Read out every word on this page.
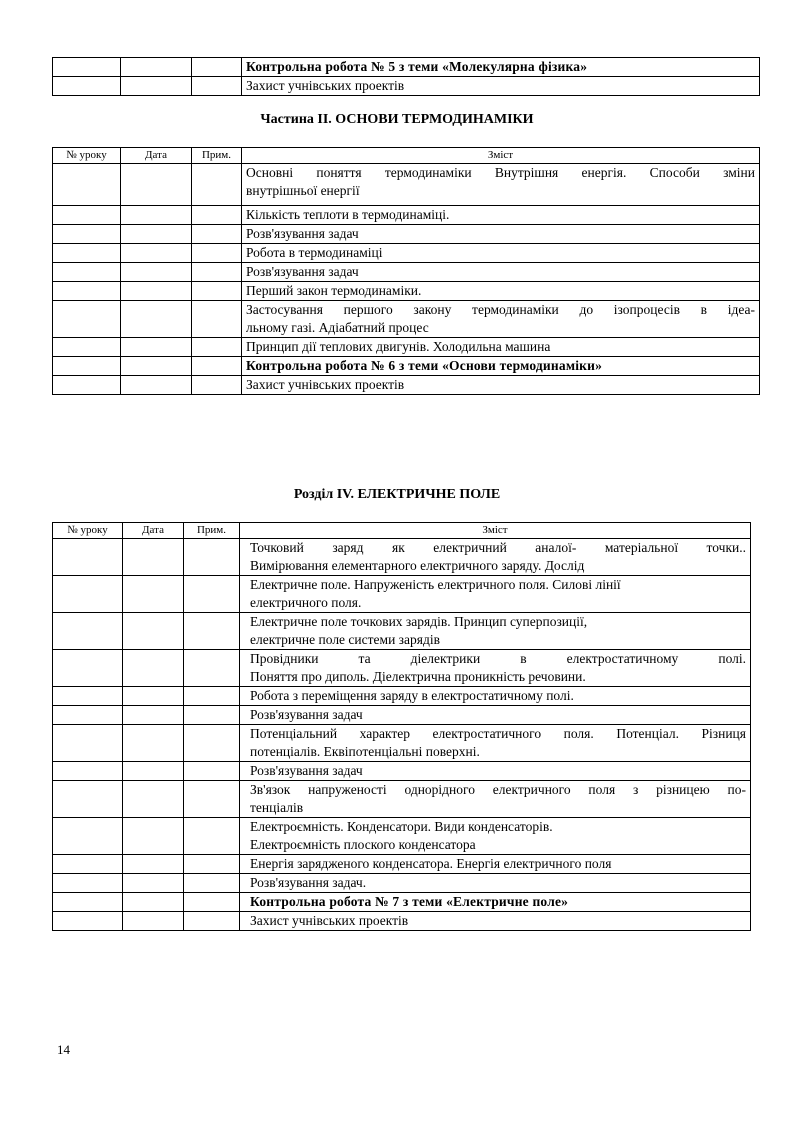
			Контрольна робота № 5 з теми «Молекулярна фізика»
			Захист учнівських проектів
Частина ІІ. ОСНОВИ ТЕРМОДИНАМІКИ
№ уроку	Дата	Прим.	Зміст

			Основні поняття термодинаміки Внутрішня енергія. Способи зміни
внутрішньої енергії

			Кількість теплоти в термодинаміці.

			Розв'язування задач

			Робота в термодинаміці

			Розв'язування задач

			Перший закон термодинаміки.

			Застосування першого закону термодинаміки до ізопроцесів в ідеа-
льному газі. Адіабатний процес

			Принцип дії теплових двигунів. Холодильна машина

			Контрольна робота № 6 з теми «Основи термодинаміки»

			Захист учнівських проектів
Розділ IV. ЕЛЕКТРИЧНЕ ПОЛЕ
№ уроку	Дата	Прим.	Зміст

			Точковий заряд як електричний аналої- матеріальної точки..
Вимірювання елементарного електричного заряду. Дослід

			Електричне поле. Напруженість електричного поля. Силові лінії
електричного поля.

			Електричне поле точкових зарядів. Принцип суперпозиції,
електричне поле системи зарядів

			Провідники та діелектрики в електростатичному полі.
Поняття про диполь. Діелектрична проникність речовини.

			Робота з переміщення заряду в електростатичному полі.

			Розв'язування задач

			Потенціальний характер електростатичного поля. Потенціал. Різниця
потенціалів. Еквіпотенціальні поверхні.

			Розв'язування задач

			Зв'язок напруженості однорідного електричного поля з різницею по-
тенціалів

			Електроємність. Конденсатори. Види конденсаторів.
Електроємність плоского конденсатора

			Енергія зарядженого конденсатора. Енергія електричного поля

			Розв'язування задач.

			Контрольна робота № 7 з теми «Електричне поле»

			Захист учнівських проектів
14
